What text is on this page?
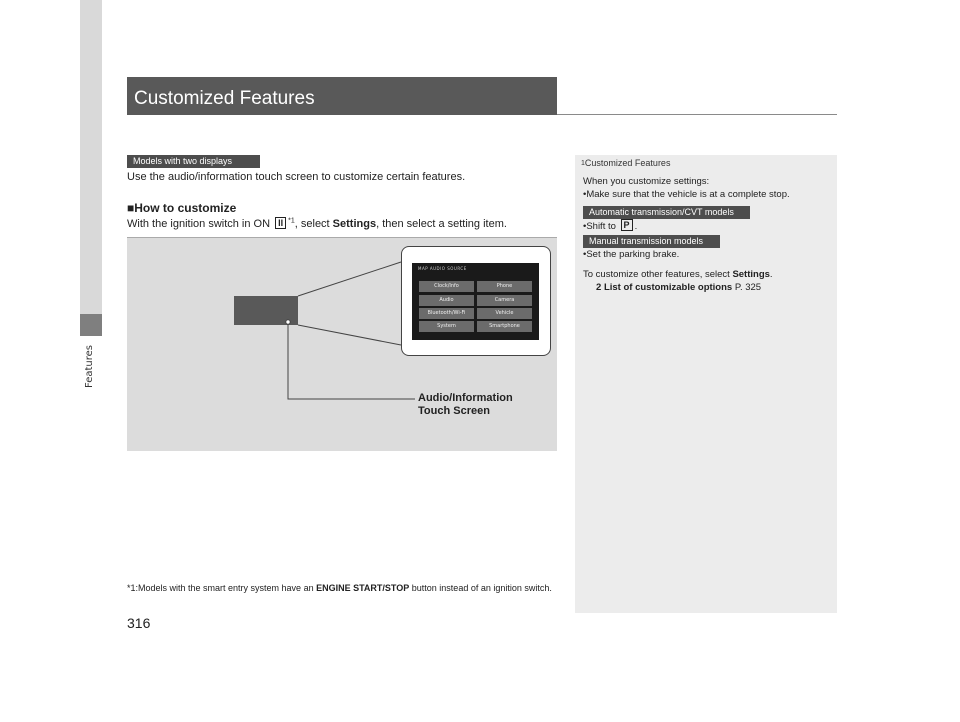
Features
Customized Features
Models with two displays
Use the audio/information touch screen to customize certain features.
■How to customize
With the ignition switch in ON II $^{*1}$, select Settings, then select a setting item.
Clock/Info	Phone
Audio	Camera
Bluetooth/Wi-Fi	Vehicle
System	Smartphone
MAP AUDIO SOURCE
Audio/Information
Touch Screen
*1:Models with the smart entry system have an ENGINE START/STOP button instead of an ignition switch.
1Customized Features
When you customize settings:
•Make sure that the vehicle is at a complete stop.
Automatic transmission/CVT models
•Shift to P .
Manual transmission models
•Set the parking brake.
To customize other features, select Settings.
2 List of customizable options P. 325
316
